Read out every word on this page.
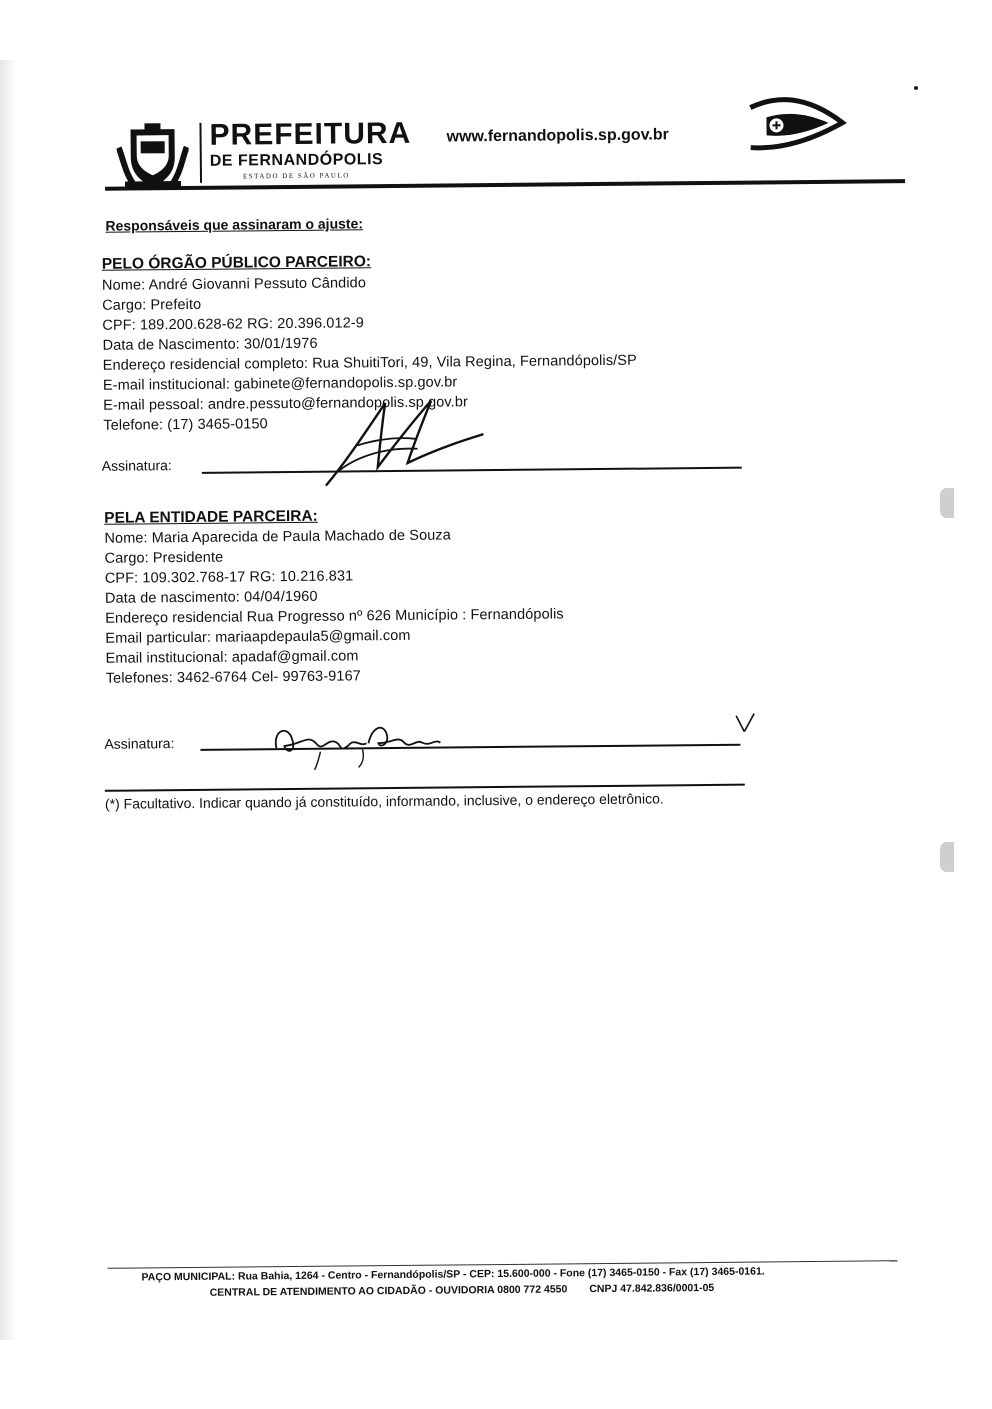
PREFEITURA
DE FERNANDÓPOLIS
ESTADO DE SÃO PAULO
www.fernandopolis.sp.gov.br
Responsáveis que assinaram o ajuste:
PELO ÓRGÃO PÚBLICO PARCEIRO:
Nome: André Giovanni Pessuto Cândido
Cargo: Prefeito
CPF: 189.200.628-62 RG: 20.396.012-9
Data de Nascimento: 30/01/1976
Endereço residencial completo: Rua ShuitiTori, 49, Vila Regina, Fernandópolis/SP
E-mail institucional: gabinete@fernandopolis.sp.gov.br
E-mail pessoal: andre.pessuto@fernandopolis.sp.gov.br
Telefone: (17) 3465-0150
Assinatura:
PELA ENTIDADE PARCEIRA:
Nome: Maria Aparecida de Paula Machado de Souza
Cargo: Presidente
CPF: 109.302.768-17 RG: 10.216.831
Data de nascimento: 04/04/1960
Endereço residencial Rua Progresso nº 626 Município : Fernandópolis
Email particular: mariaapdepaula5@gmail.com
Email institucional: apadaf@gmail.com
Telefones: 3462-6764 Cel- 99763-9167
Assinatura:
(*) Facultativo. Indicar quando já constituído, informando, inclusive, o endereço eletrônico.
PAÇO MUNICIPAL: Rua Bahia, 1264 - Centro - Fernandópolis/SP - CEP: 15.600-000 - Fone (17) 3465-0150 - Fax (17) 3465-0161.
CENTRAL DE ATENDIMENTO AO CIDADÃO - OUVIDORIA 0800 772 4550 CNPJ 47.842.836/0001-05
